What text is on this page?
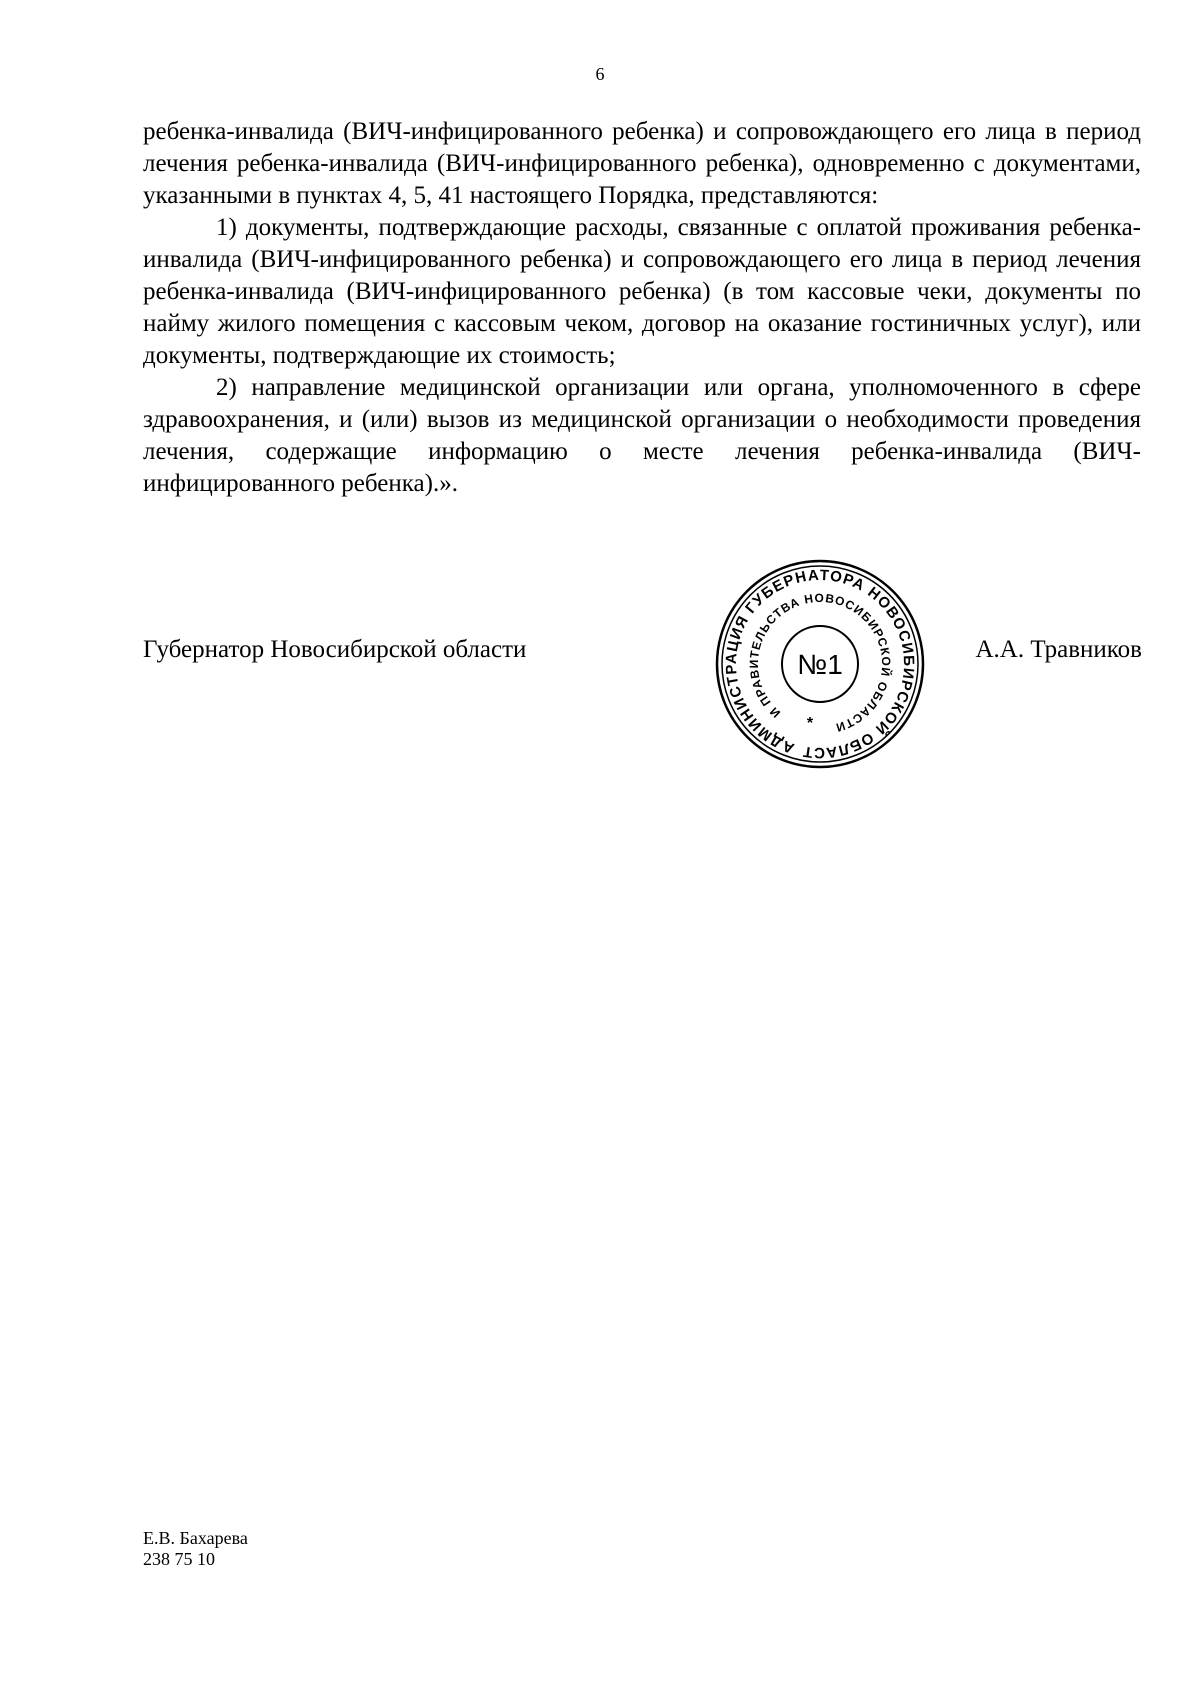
6

ребенка-инвалида (ВИЧ-инфицированного ребенка) и сопровождающего его лица в период лечения ребенка-инвалида (ВИЧ-инфицированного ребенка), одновременно с документами, указанными в пунктах 4, 5, 41 настоящего Порядка, представляются:

1) документы, подтверждающие расходы, связанные с оплатой проживания ребенка-инвалида (ВИЧ-инфицированного ребенка) и сопровождающего его лица в период лечения ребенка-инвалида (ВИЧ-инфицированного ребенка) (в том кассовые чеки, документы по найму жилого помещения с кассовым чеком, договор на оказание гостиничных услуг), или документы, подтверждающие их стоимость;

2) направление медицинской организации или органа, уполномоченного в сфере здравоохранения, и (или) вызов из медицинской организации о необходимости проведения лечения, содержащие информацию о месте лечения ребенка-инвалида (ВИЧ-инфицированного ребенка).».

Губернатор Новосибирской области
АДМИНИСТРАЦИЯ ГУБЕРНАТОРА НОВОСИБИРСКОЙ ОБЛАСТИ
И ПРАВИТЕЛЬСТВА НОВОСИБИРСКОЙ ОБЛАСТИ
№1
*
А.А. Травников
Е.В. Бахарева
238 75 10
